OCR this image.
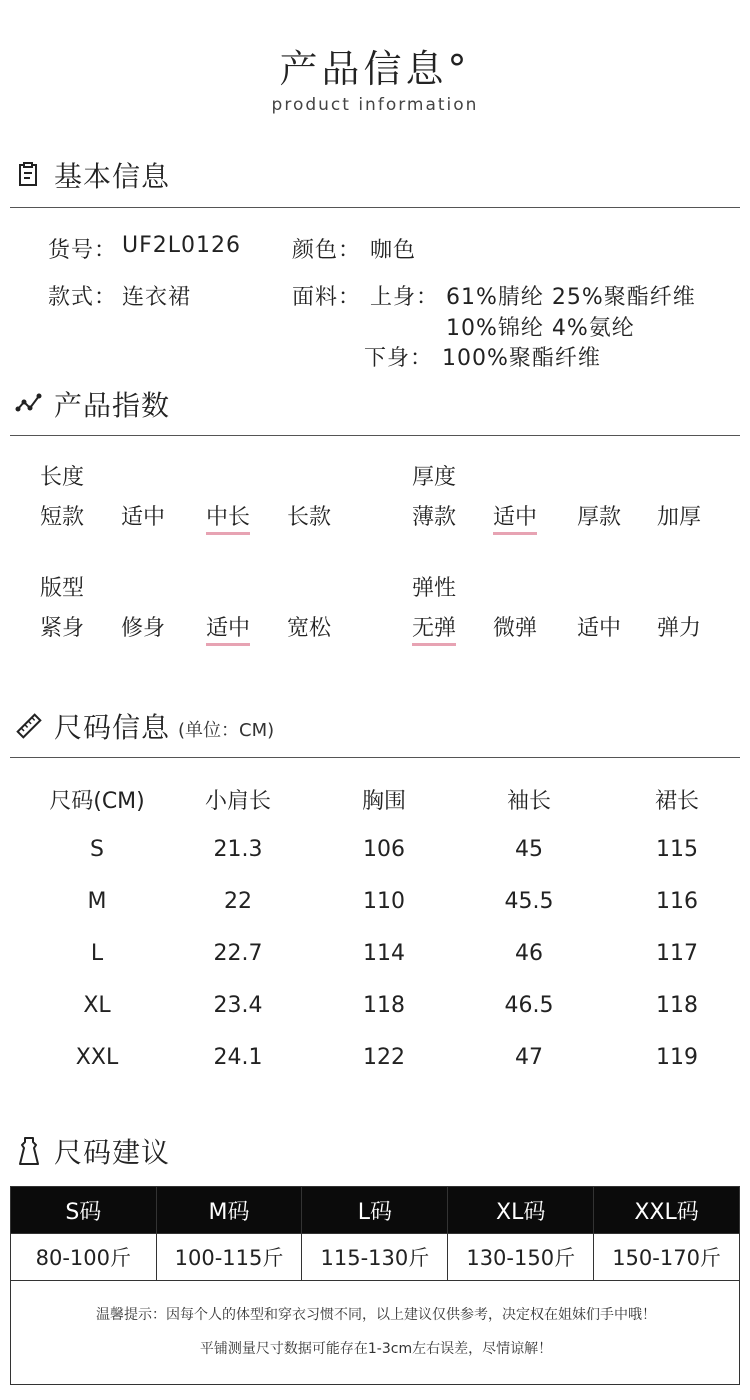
产品信息°
product information
基本信息
货号： UF2L0126 颜色： 咖色
款式： 连衣裙	面料： 上身： 61%腈纶 25%聚酯纤维
10%锦纶 4%氨纶
下身： 100%聚酯纤维
产品指数
长度
短款 适中 中长 长款
厚度
薄款 适中 厚款 加厚
版型
紧身 修身 适中 宽松
弹性
无弹 微弹 适中 弹力
尺码信息 (单位：CM)
尺码(CM)	小肩长	胸围	袖长	裙长
S	21.3	106	45	115
M	22	110	45.5	116
L	22.7	114	46	117
XL	23.4	118	46.5	118
XXL	24.1	122	47	119
尺码建议
S码	M码	L码	XL码	XXL码
80-100斤	100-115斤	115-130斤	130-150斤	150-170斤
温馨提示：因每个人的体型和穿衣习惯不同，以上建议仅供参考，决定权在姐妹们手中哦！
平铺测量尺寸数据可能存在1-3cm左右误差，尽情谅解！
